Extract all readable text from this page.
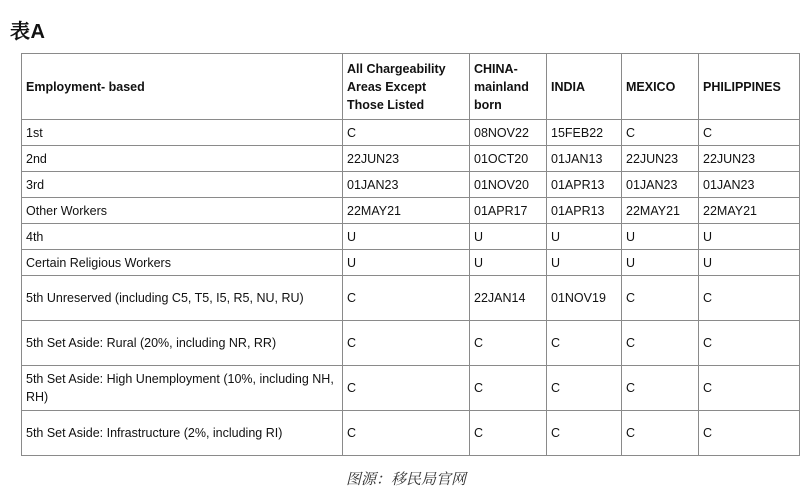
表A
Employment- based	All Chargeability Areas Except Those Listed	CHINA- mainland born	INDIA	MEXICO	PHILIPPINES
1st	C	08NOV22	15FEB22	C	C
2nd	22JUN23	01OCT20	01JAN13	22JUN23	22JUN23
3rd	01JAN23	01NOV20	01APR13	01JAN23	01JAN23
Other Workers	22MAY21	01APR17	01APR13	22MAY21	22MAY21
4th	U	U	U	U	U
Certain Religious Workers	U	U	U	U	U
5th Unreserved (including C5, T5, I5, R5, NU, RU)	C	22JAN14	01NOV19	C	C
5th Set Aside: Rural (20%, including NR, RR)	C	C	C	C	C
5th Set Aside: High Unemployment (10%, including NH, RH)	C	C	C	C	C
5th Set Aside: Infrastructure (2%, including RI)	C	C	C	C	C
图源：移民局官网
